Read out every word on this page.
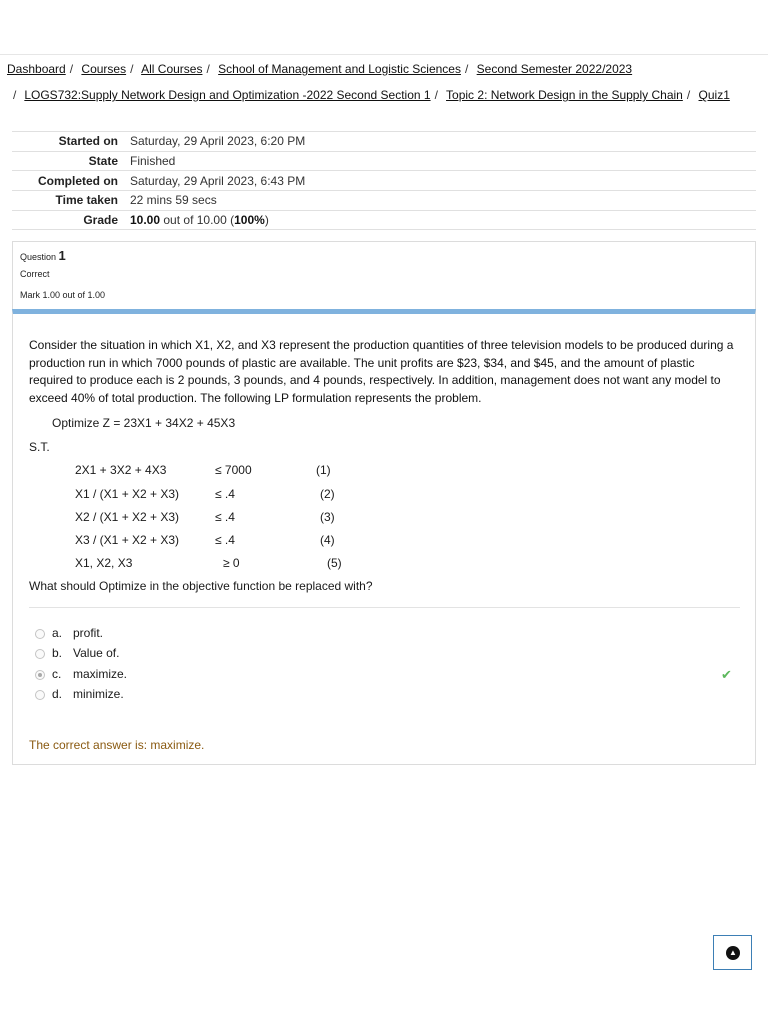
Dashboard / Courses / All Courses / School of Management and Logistic Sciences / Second Semester 2022/2023
/ LOGS732:Supply Network Design and Optimization -2022 Second Section 1 / Topic 2: Network Design in the Supply Chain / Quiz1
Started on	Saturday, 29 April 2023, 6:20 PM
State	Finished
Completed on	Saturday, 29 April 2023, 6:43 PM
Time taken	22 mins 59 secs
Grade	10.00 out of 10.00 (100%)
Question 1
Correct
Mark 1.00 out of 1.00
Consider the situation in which X1, X2, and X3 represent the production quantities of three television models to be produced during a production run in which 7000 pounds of plastic are available. The unit profits are $23, $34, and $45, and the amount of plastic required to produce each is 2 pounds, 3 pounds, and 4 pounds, respectively. In addition, management does not want any model to exceed 40% of total production. The following LP formulation represents the problem.
Optimize Z = 23X1 + 34X2 + 45X3
S.T.
2X1 + 3X2 + 4X3	≤ 7000	(1)
X1 / (X1 + X2 + X3)	≤ .4	(2)
X2 / (X1 + X2 + X3)	≤ .4	(3)
X3 / (X1 + X2 + X3)	≤ .4	(4)
X1, X2, X3	≥ 0	(5)
What should Optimize in the objective function be replaced with?
a. profit.
b. Value of.
c. maximize.	✔
d. minimize.
The correct answer is: maximize.
▲
